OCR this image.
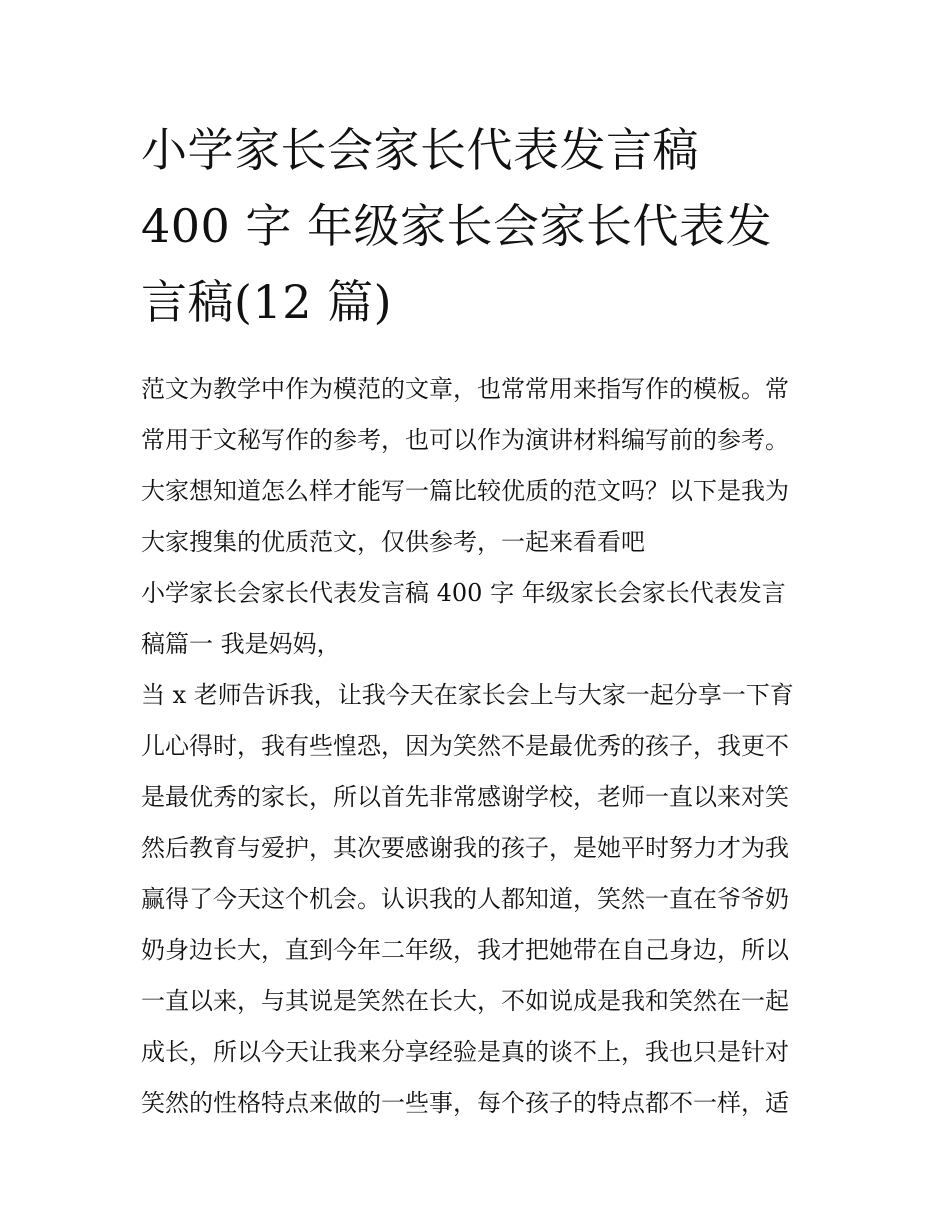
小学家长会家长代表发言稿
400 字 年级家长会家长代表发
言稿(12 篇)
范文为教学中作为模范的文章，也常常用来指写作的模板。常
常用于文秘写作的参考，也可以作为演讲材料编写前的参考。
大家想知道怎么样才能写一篇比较优质的范文吗？以下是我为
大家搜集的优质范文，仅供参考，一起来看看吧
小学家长会家长代表发言稿 400 字 年级家长会家长代表发言
稿篇一 我是妈妈，
当 x 老师告诉我，让我今天在家长会上与大家一起分享一下育
儿心得时，我有些惶恐，因为笑然不是最优秀的孩子，我更不
是最优秀的家长，所以首先非常感谢学校，老师一直以来对笑
然后教育与爱护，其次要感谢我的孩子，是她平时努力才为我
赢得了今天这个机会。认识我的人都知道，笑然一直在爷爷奶
奶身边长大，直到今年二年级，我才把她带在自己身边，所以
一直以来，与其说是笑然在长大，不如说成是我和笑然在一起
成长，所以今天让我来分享经验是真的谈不上，我也只是针对
笑然的性格特点来做的一些事，每个孩子的特点都不一样，适
